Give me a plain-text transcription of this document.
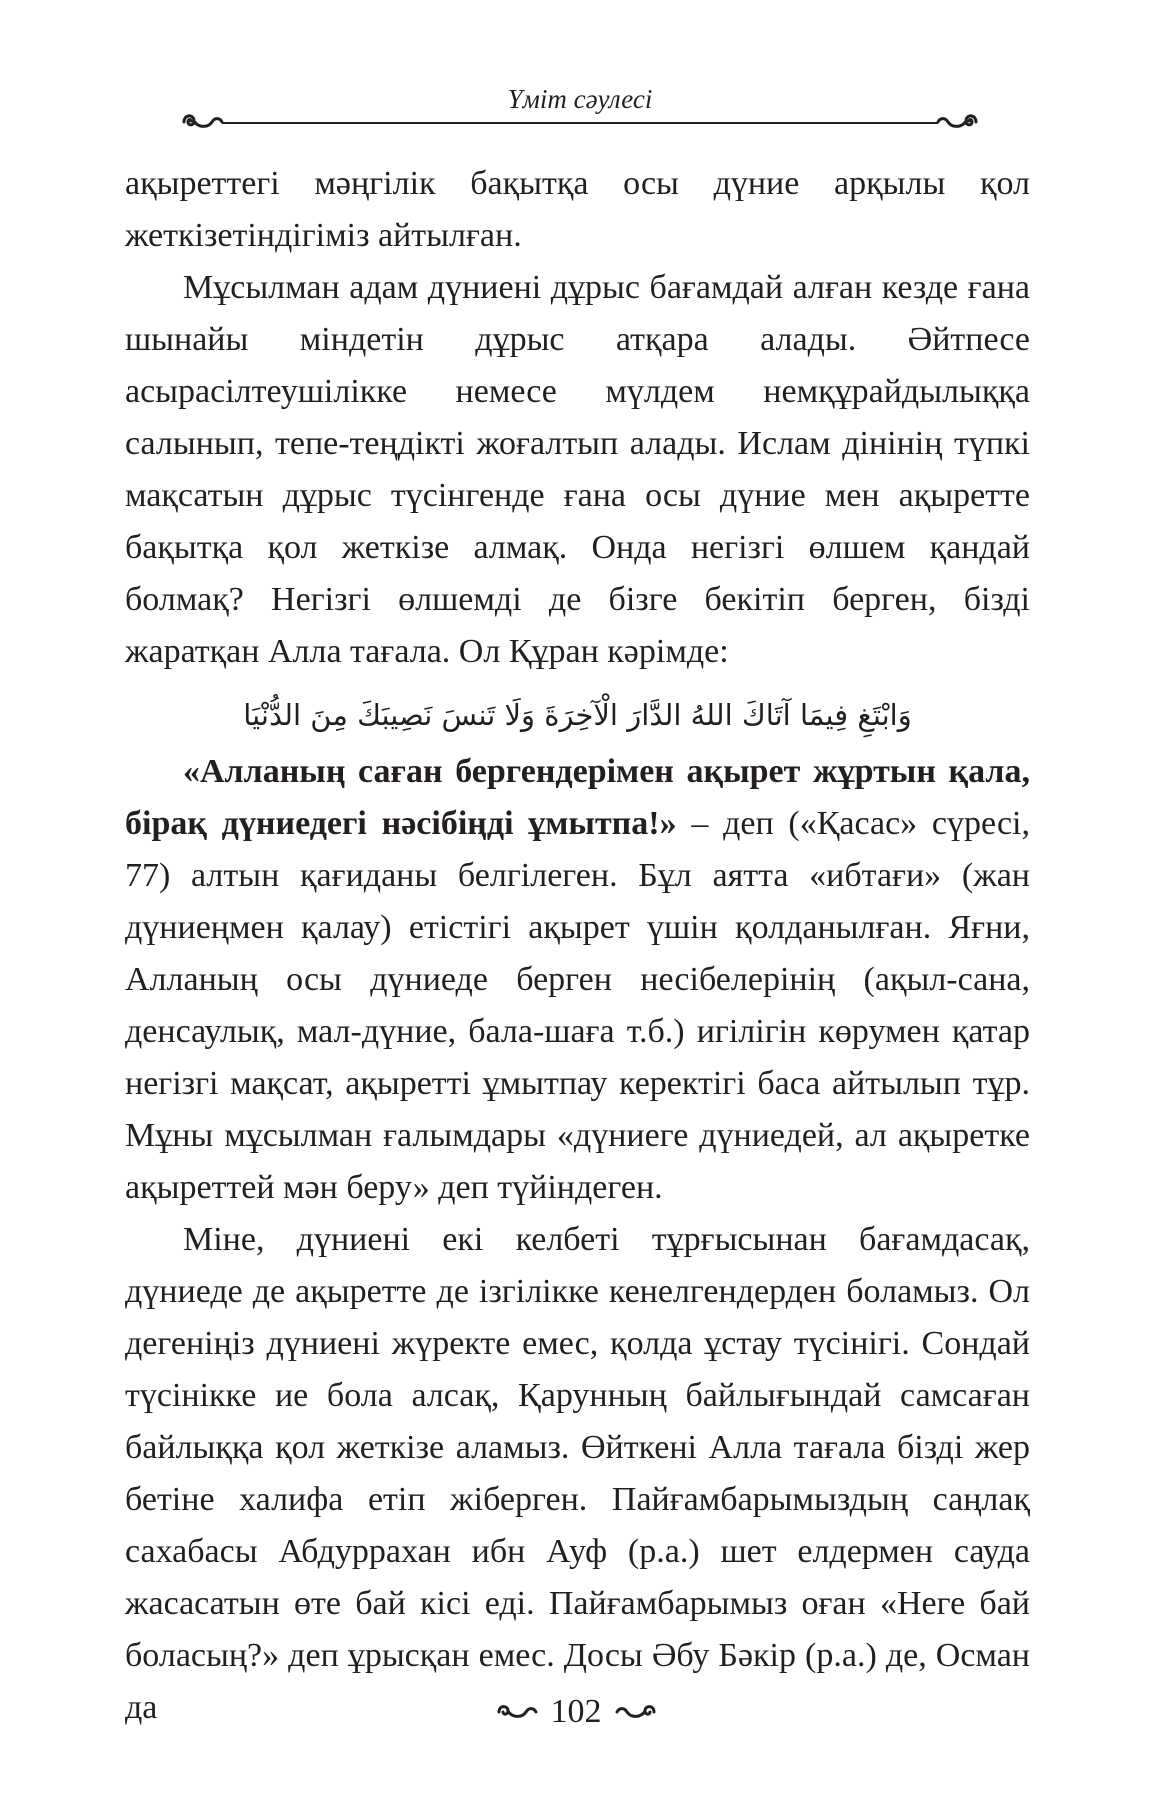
Үміт сәулесі

ақыреттегі мәңгілік бақытқа осы дүние арқылы қол жеткізетіндігіміз айтылған.

Мұсылман адам дүниені дұрыс бағамдай алған кезде ғана шынайы міндетін дұрыс атқара алады. Әйтпесе асырасілтеушілікке немесе мүлдем немқұрайдылыққа салынып, тепе-теңдікті жоғалтып алады. Ислам дінінің түпкі мақсатын дұрыс түсінгенде ғана осы дүние мен ақыретте бақытқа қол жеткізе алмақ. Онда негізгі өлшем қандай болмақ? Негізгі өлшемді де бізге бекітіп берген, бізді жаратқан Алла тағала. Ол Құран кәрімде:

وَابْتَغِ فِيمَا آتَاكَ اللهُ الدَّارَ الْآخِرَةَ وَلَا تَنسَ نَصِيبَكَ مِنَ الدُّنْيَا

«Алланың саған бергендерімен ақырет жұртын қала, бірақ дүниедегі нәсібіңді ұмытпа!» – деп («Қасас» сүресі, 77) алтын қағиданы белгілеген. Бұл аятта «ибтағи» (жан дүниеңмен қалау) етістігі ақырет үшін қолданылған. Яғни, Алланың осы дүниеде берген несібелерінің (ақыл-сана, денсаулық, мал-дүние, бала-шаға т.б.) игілігін көрумен қатар негізгі мақсат, ақыретті ұмытпау керектігі баса айтылып тұр. Мұны мұсылман ғалымдары «дүниеге дүниедей, ал ақыретке ақыреттей мән беру» деп түйіндеген.

Міне, дүниені екі келбеті тұрғысынан бағамдасақ, дүниеде де ақыретте де ізгілікке кенелгендерден боламыз. Ол дегеніңіз дүниені жүректе емес, қолда ұстау түсінігі. Сондай түсінікке ие бола алсақ, Қарунның байлығындай самсаған байлыққа қол жеткізе аламыз. Өйткені Алла тағала бізді жер бетіне халифа етіп жіберген. Пайғамбарымыздың саңлақ сахабасы Абдуррахан ибн Ауф (р.а.) шет елдермен сауда жасасатын өте бай кісі еді. Пайғамбарымыз оған «Неге бай боласың?» деп ұрысқан емес. Досы Әбу Бәкір (р.а.) де, Осман да	102
